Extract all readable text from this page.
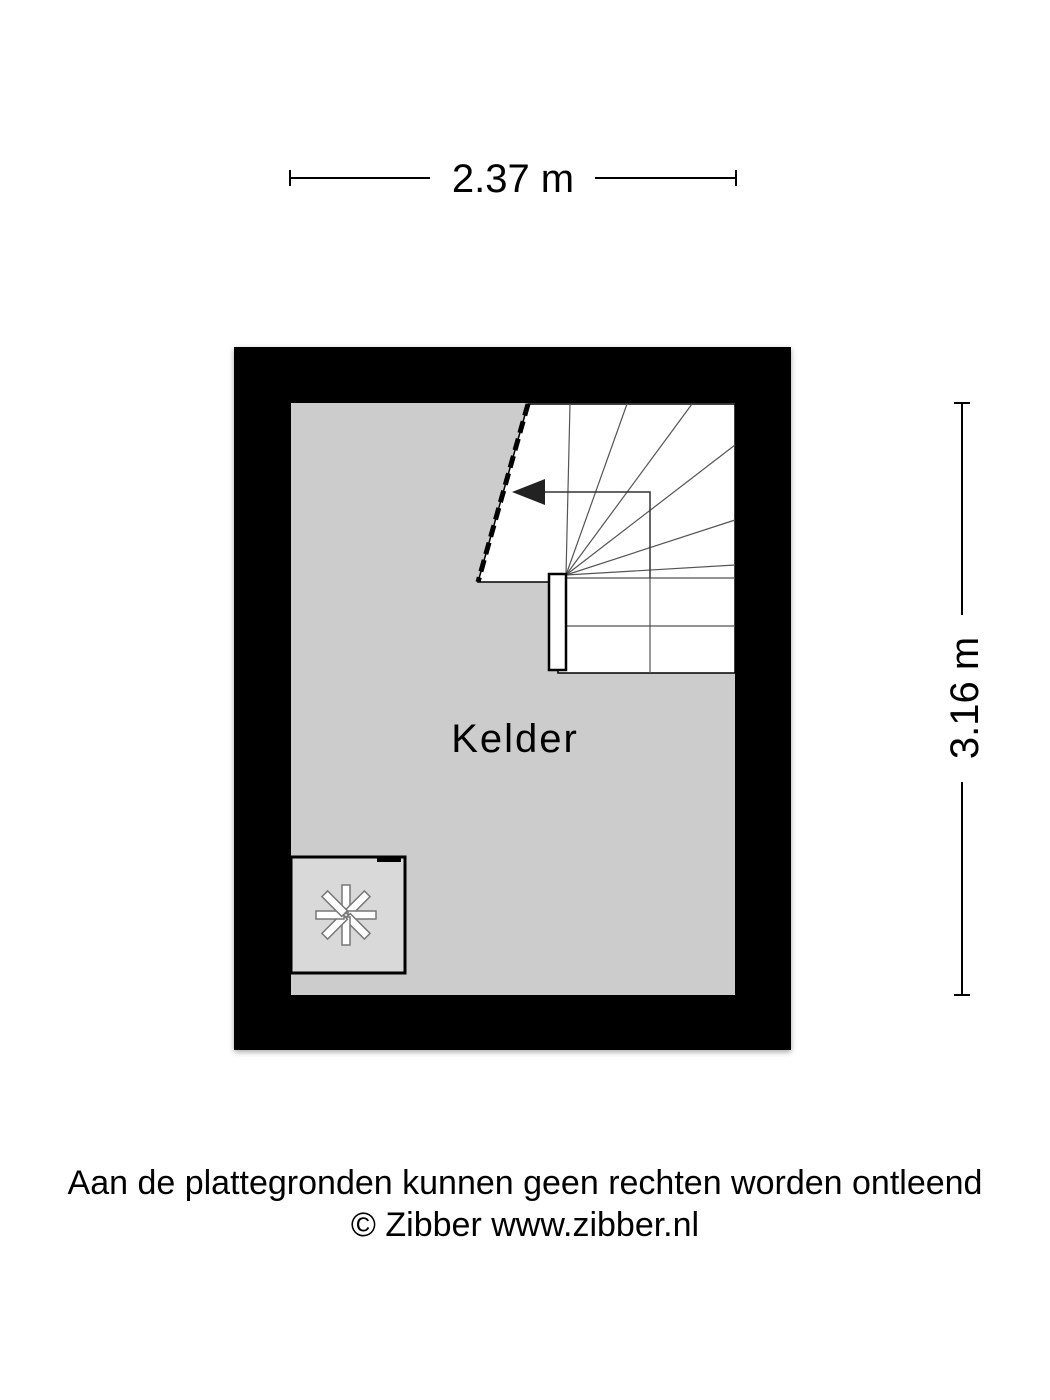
2.37 m
3.16 m
Kelder
Aan de plattegronden kunnen geen rechten worden ontleend
© Zibber www.zibber.nl
